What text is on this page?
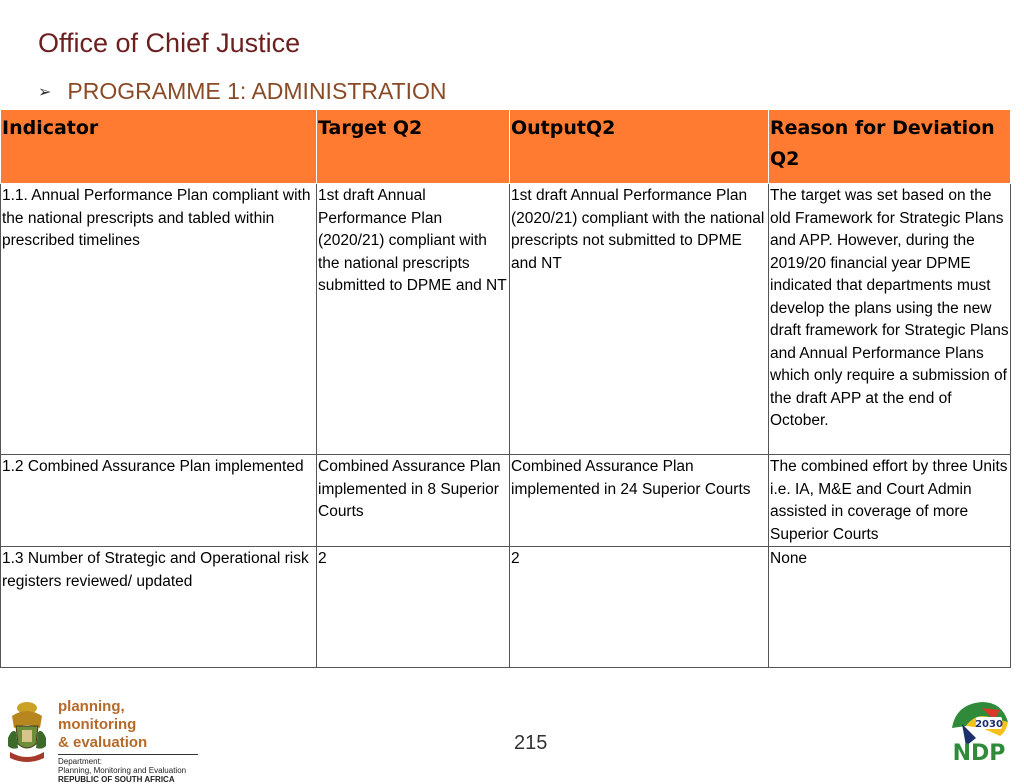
Office of Chief Justice
➢ PROGRAMME 1: ADMINISTRATION
Indicator	Target Q2	OutputQ2	Reason for Deviation Q2
1.1. Annual Performance Plan compliant with the national prescripts and tabled within prescribed timelines	1st draft Annual Performance Plan (2020/21) compliant with the national prescripts submitted to DPME and NT	1st draft Annual Performance Plan (2020/21) compliant with the national prescripts not submitted to DPME and NT	The target was set based on the old Framework for Strategic Plans and APP. However, during the 2019/20 financial year DPME indicated that departments must develop the plans using the new draft framework for Strategic Plans and Annual Performance Plans which only require a submission of the draft APP at the end of October.
1.2 Combined Assurance Plan implemented	Combined Assurance Plan implemented in 8 Superior Courts	Combined Assurance Plan implemented in 24 Superior Courts	The combined effort by three Units i.e. IA, M&E and Court Admin assisted in coverage of more Superior Courts
1.3 Number of Strategic and Operational risk registers reviewed/ updated	2	2	None
planning, monitoring
& evaluation
Department:
Planning, Monitoring and Evaluation
REPUBLIC OF SOUTH AFRICA
215
2030
NDP
